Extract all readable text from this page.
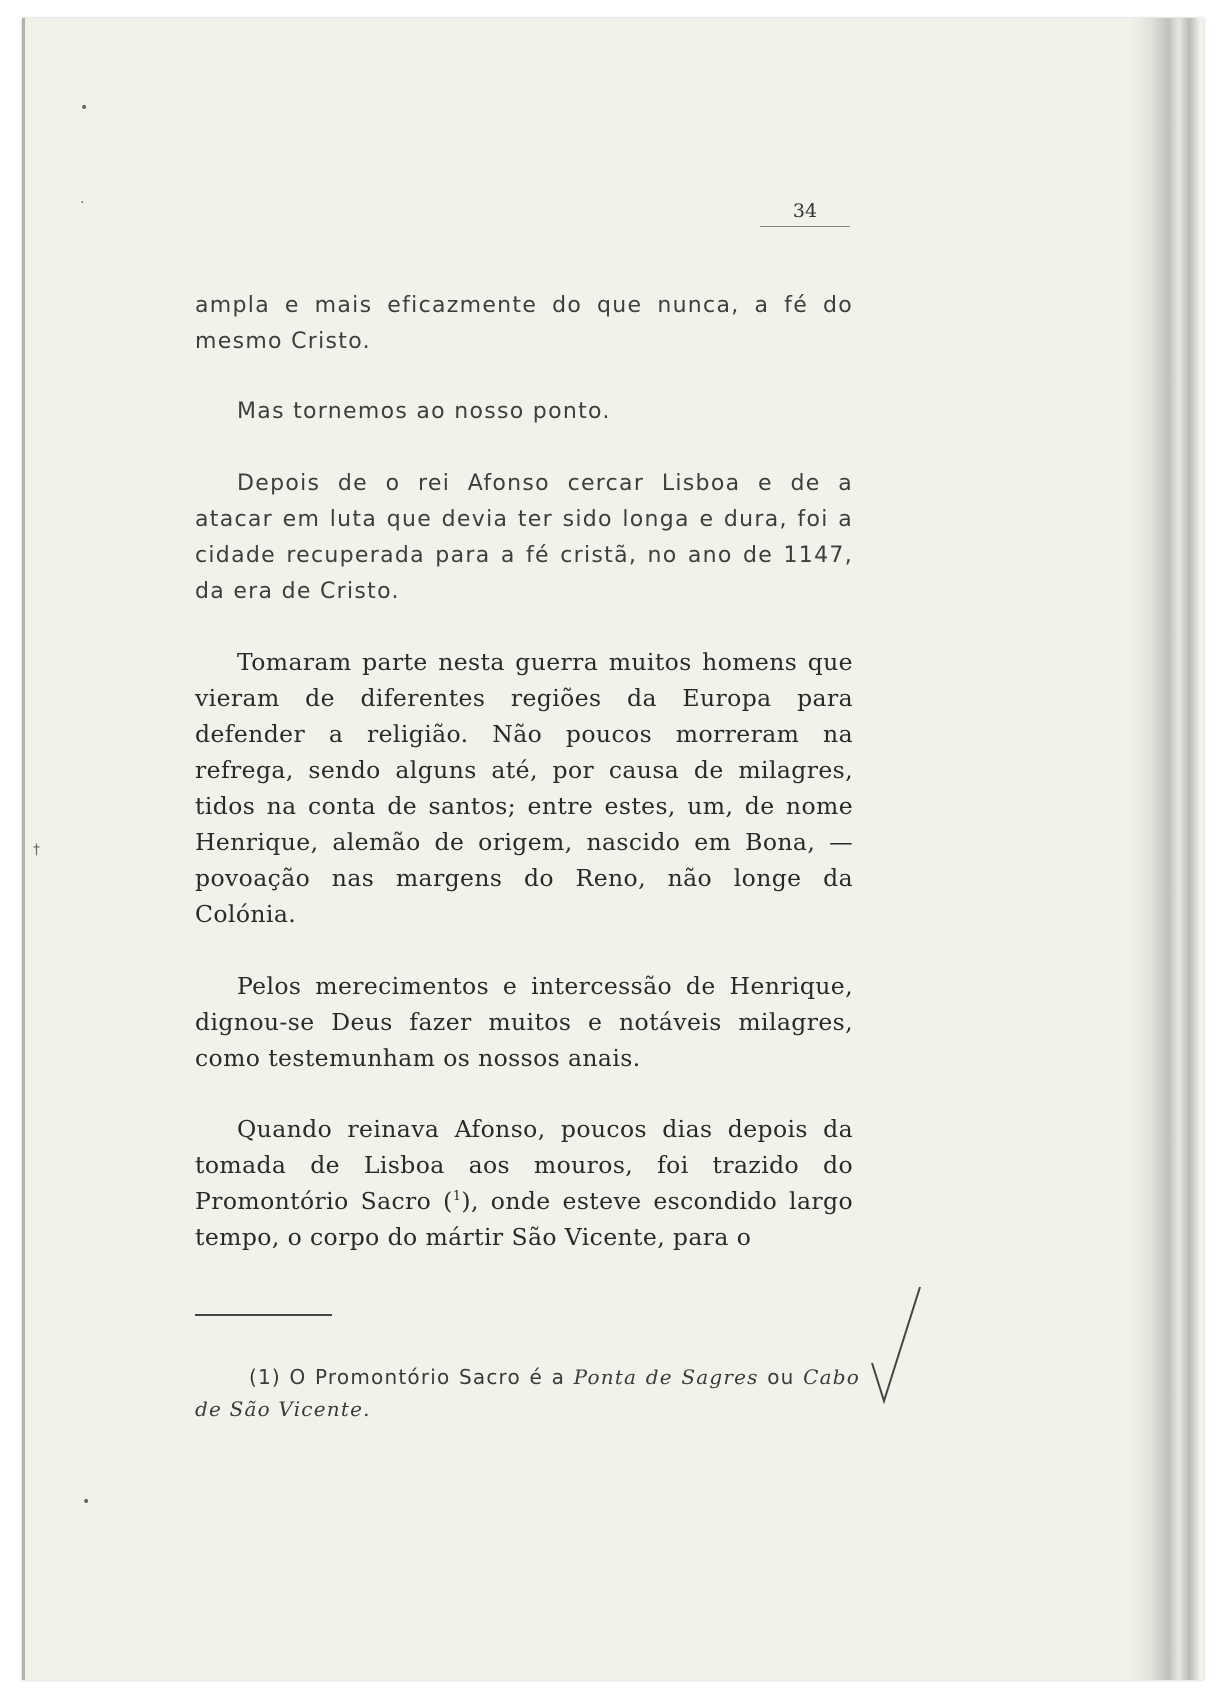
•
·
†
•
34
ampla e mais eficazmente do que nunca, a fé do mesmo Cristo.
Mas tornemos ao nosso ponto.
Depois de o rei Afonso cercar Lisboa e de a atacar em luta que devia ter sido longa e dura, foi a cidade recuperada para a fé cristã, no ano de 1147, da era de Cristo.
Tomaram parte nesta guerra muitos homens que vieram de diferentes regiões da Europa para defender a religião. Não poucos morreram na refrega, sendo alguns até, por causa de milagres, tidos na conta de santos; entre estes, um, de nome Henrique, alemão de origem, nascido em Bona, — povoação nas margens do Reno, não longe da Colónia.
Pelos merecimentos e intercessão de Henrique, dignou-se Deus fazer muitos e notáveis milagres, como testemunham os nossos anais.
Quando reinava Afonso, poucos dias depois da tomada de Lisboa aos mouros, foi trazido do Promontório Sacro ($^1$), onde esteve escondido largo tempo, o corpo do mártir São Vicente, para o
(1) O Promontório Sacro é a Ponta de Sagres ou Cabo de São Vicente.
